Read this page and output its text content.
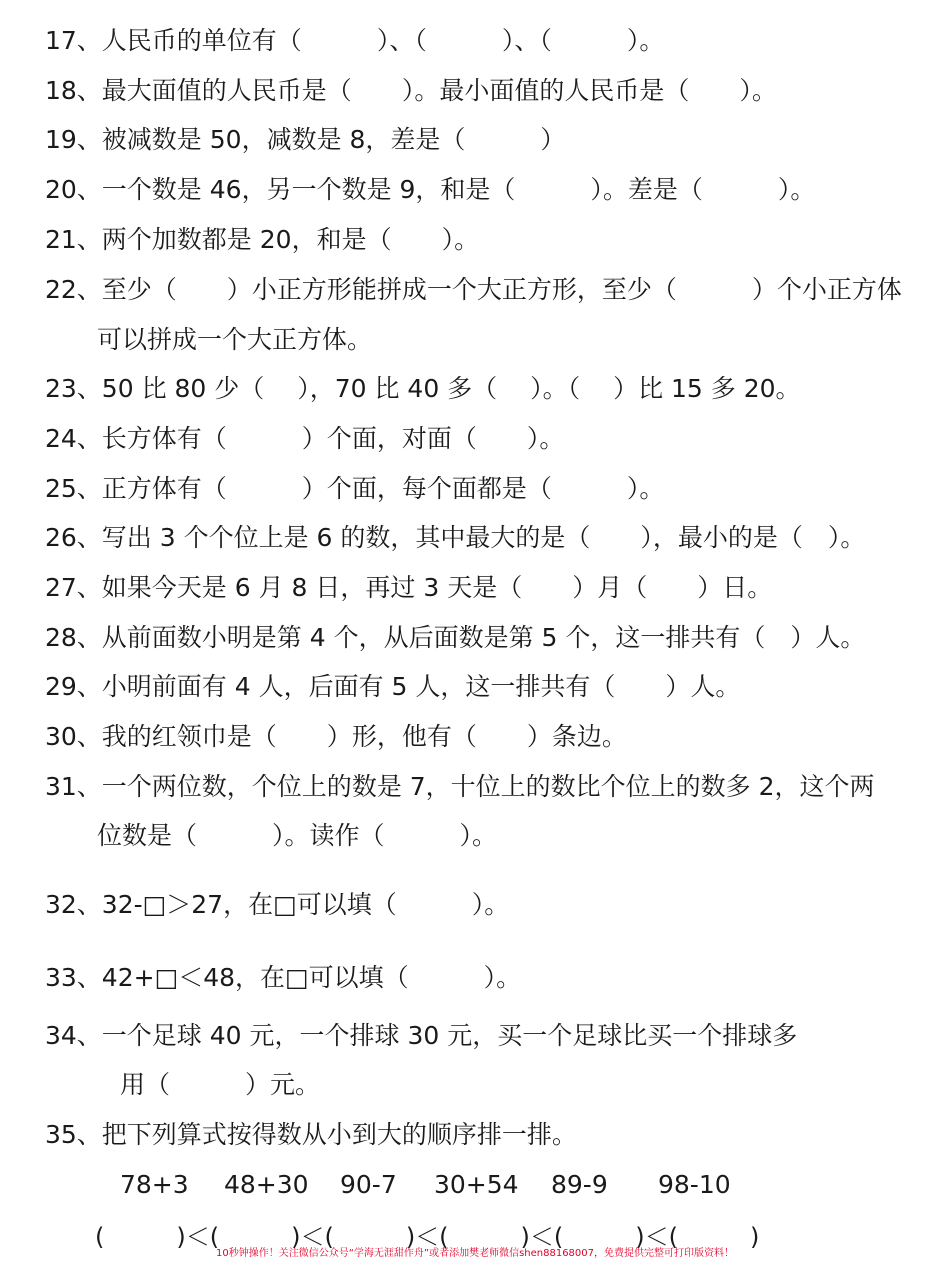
17、人民币的单位有（　　　）、（　　　）、（　　　）。
18、最大面值的人民币是（　　）。最小面值的人民币是（　　）。
19、被减数是 50，减数是 8，差是（　　　）
20、一个数是 46，另一个数是 9，和是（　　　）。差是（　　　）。
21、两个加数都是 20，和是（　　）。
22、至少（　　）小正方形能拼成一个大正方形，至少（　　　）个小正方体
可以拼成一个大正方体。
23、50 比 80 少（　 ），70 比 40 多（　 ）。（　 ）比 15 多 20。
24、长方体有（　　　）个面，对面（　　）。
25、正方体有（　　　）个面，每个面都是（　　　）。
26、写出 3 个个位上是 6 的数，其中最大的是（　　），最小的是（　）。
27、如果今天是 6 月 8 日，再过 3 天是（　　）月（　　）日。
28、从前面数小明是第 4 个，从后面数是第 5 个，这一排共有（　）人。
29、小明前面有 4 人，后面有 5 人，这一排共有（　　）人。
30、我的红领巾是（　　）形，他有（　　）条边。
31、一个两位数，个位上的数是 7，十位上的数比个位上的数多 2，这个两
位数是（　　　）。读作（　　　）。
32、32-□＞27，在□可以填（　　　）。
33、42+□＜48，在□可以填（　　　）。
34、一个足球 40 元，一个排球 30 元，买一个足球比买一个排球多
用（　　　）元。
35、把下列算式按得数从小到大的顺序排一排。
78+3 48+30 90-7 30+54 89-9 98-10
(　　　)＜(　　　)＜(　　　)＜(　　　)＜(　　　)＜(　　　)
10秒钟操作！关注微信公众号“学海无涯甜作舟”或者添加樊老师微信shen88168007，免费提供完整可打印版资料！
